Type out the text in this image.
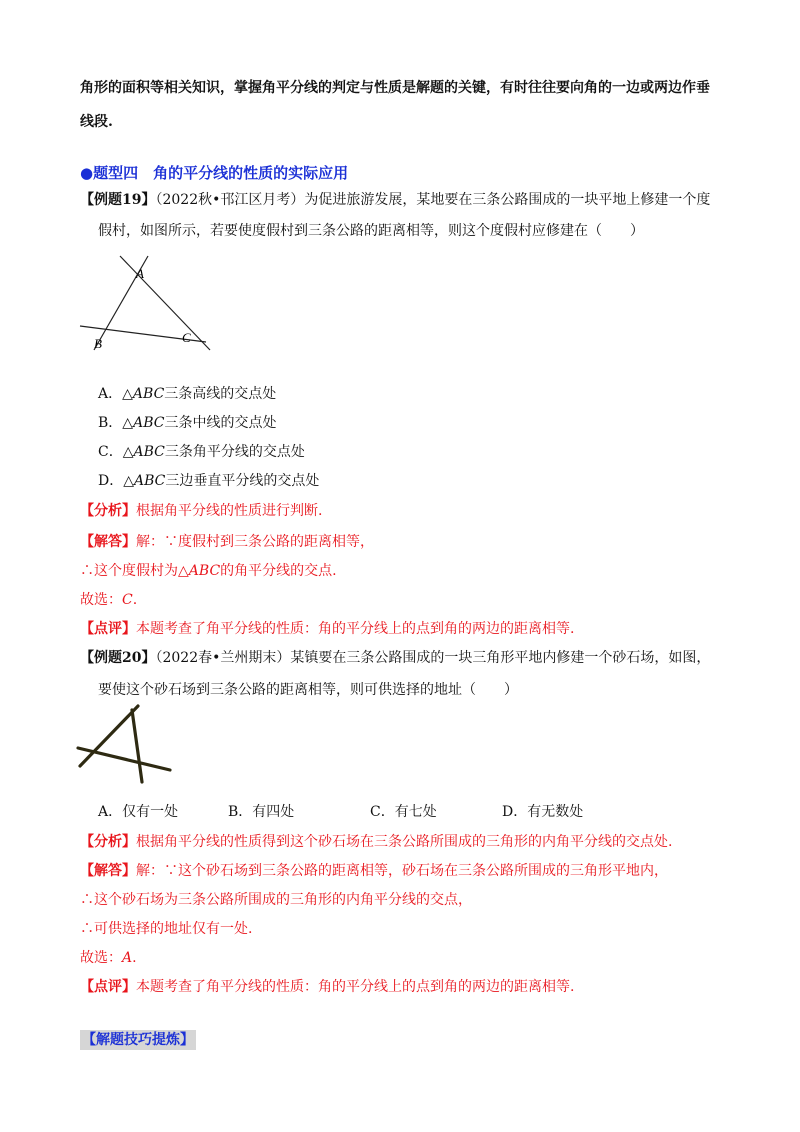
角形的面积等相关知识，掌握角平分线的判定与性质是解题的关键，有时往往要向角的一边或两边作垂
线段.
●题型四　角的平分线的性质的实际应用
【例题19】（2022秋•邗江区月考）为促进旅游发展，某地要在三条公路围成的一块平地上修建一个度
假村，如图所示，若要使度假村到三条公路的距离相等，则这个度假村应修建在（　　）
A
B	C
A．△ABC三条高线的交点处
B．△ABC三条中线的交点处
C．△ABC三条角平分线的交点处
D．△ABC三边垂直平分线的交点处
【分析】根据角平分线的性质进行判断.
【解答】解：∵度假村到三条公路的距离相等，
∴这个度假村为△ABC的角平分线的交点.
故选：C.
【点评】本题考查了角平分线的性质：角的平分线上的点到角的两边的距离相等.
【例题20】（2022春•兰州期末）某镇要在三条公路围成的一块三角形平地内修建一个砂石场，如图，
要使这个砂石场到三条公路的距离相等，则可供选择的地址（　　）
A．仅有一处	B．有四处	C．有七处	D．有无数处
【分析】根据角平分线的性质得到这个砂石场在三条公路所围成的三角形的内角平分线的交点处.
【解答】解：∵这个砂石场到三条公路的距离相等，砂石场在三条公路所围成的三角形平地内，
∴这个砂石场为三条公路所围成的三角形的内角平分线的交点，
∴可供选择的地址仅有一处.
故选：A.
【点评】本题考查了角平分线的性质：角的平分线上的点到角的两边的距离相等.
【解题技巧提炼】
